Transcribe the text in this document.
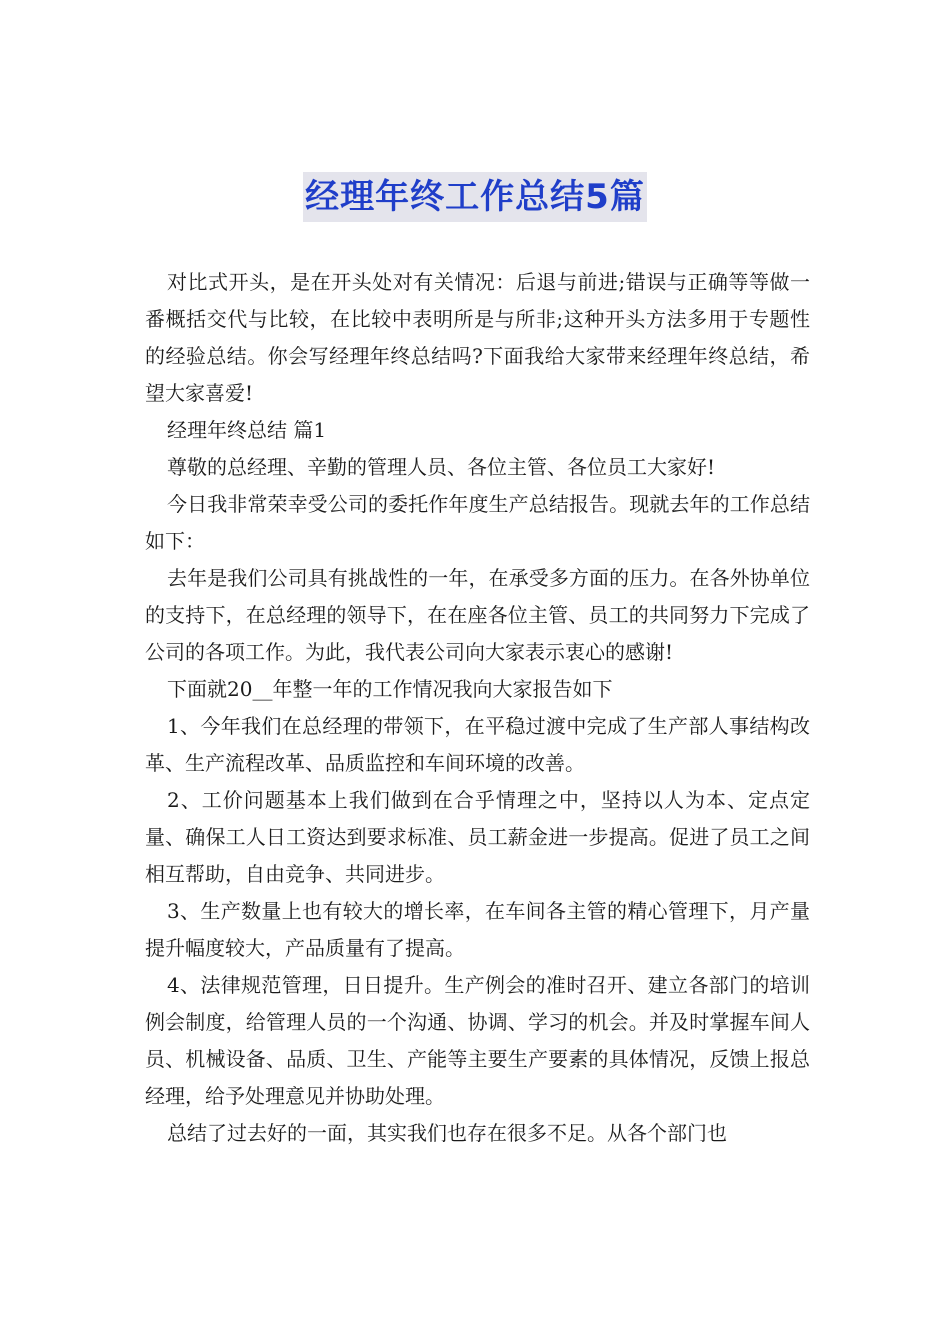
经理年终工作总结5篇

对比式开头，是在开头处对有关情况：后退与前进;错误与正确等等做一番概括交代与比较，在比较中表明所是与所非;这种开头方法多用于专题性的经验总结。你会写经理年终总结吗?下面我给大家带来经理年终总结，希望大家喜爱!

经理年终总结 篇1

尊敬的总经理、辛勤的管理人员、各位主管、各位员工大家好!

今日我非常荣幸受公司的委托作年度生产总结报告。现就去年的工作总结如下：

去年是我们公司具有挑战性的一年，在承受多方面的压力。在各外协单位的支持下，在总经理的领导下，在在座各位主管、员工的共同努力下完成了公司的各项工作。为此，我代表公司向大家表示衷心的感谢!

下面就20__年整一年的工作情况我向大家报告如下

1、今年我们在总经理的带领下，在平稳过渡中完成了生产部人事结构改革、生产流程改革、品质监控和车间环境的改善。

2、工价问题基本上我们做到在合乎情理之中，坚持以人为本、定点定量、确保工人日工资达到要求标准、员工薪金进一步提高。促进了员工之间相互帮助，自由竞争、共同进步。

3、生产数量上也有较大的增长率，在车间各主管的精心管理下，月产量提升幅度较大，产品质量有了提高。

4、法律规范管理，日日提升。生产例会的准时召开、建立各部门的培训例会制度，给管理人员的一个沟通、协调、学习的机会。并及时掌握车间人员、机械设备、品质、卫生、产能等主要生产要素的具体情况，反馈上报总经理，给予处理意见并协助处理。

总结了过去好的一面，其实我们也存在很多不足。从各个部门也
